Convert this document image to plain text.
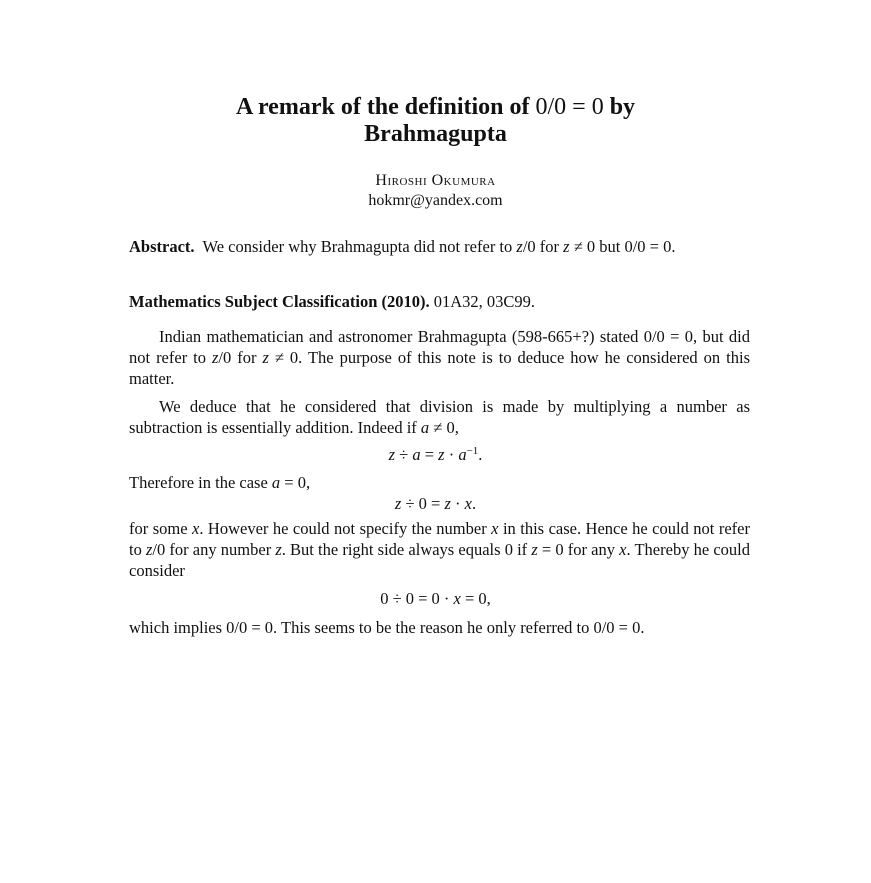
A remark of the definition of 0/0 = 0 by
Brahmagupta
Hiroshi Okumura
hokmr@yandex.com
Abstract. We consider why Brahmagupta did not refer to z/0 for z ≠ 0 but 0/0 = 0.
Mathematics Subject Classification (2010). 01A32, 03C99.
Indian mathematician and astronomer Brahmagupta (598-665+?) stated 0/0 = 0, but did not refer to z/0 for z ≠ 0. The purpose of this note is to deduce how he considered on this matter.
We deduce that he considered that division is made by multiplying a number as subtraction is essentially addition. Indeed if a ≠ 0,
$z \div a = z \cdot a^{-1}$.
Therefore in the case a = 0,
z ÷ 0 = z · x.
for some x. However he could not specify the number x in this case. Hence he could not refer to z/0 for any number z. But the right side always equals 0 if z = 0 for any x. Thereby he could consider
0 ÷ 0 = 0 · x = 0,
which implies 0/0 = 0. This seems to be the reason he only referred to 0/0 = 0.
